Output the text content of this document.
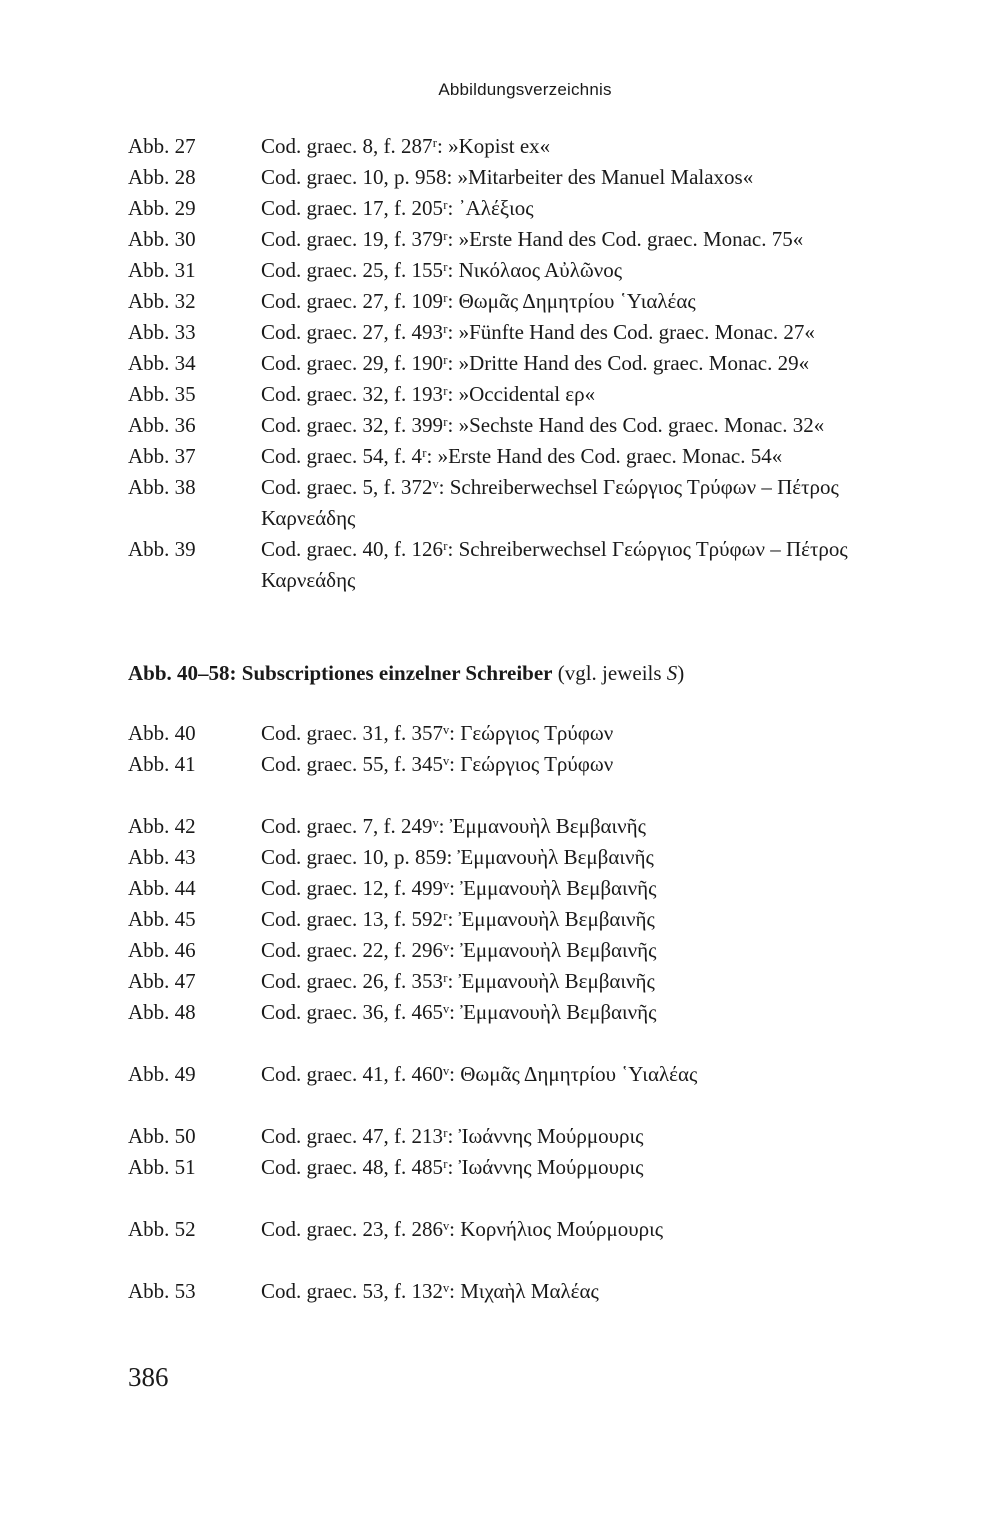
Abbildungsverzeichnis
Abb. 27	Cod. graec. 8, f. 287ʳ: »Kopist ex«
Abb. 28	Cod. graec. 10, p. 958: »Mitarbeiter des Manuel Malaxos«
Abb. 29	Cod. graec. 17, f. 205ʳ: ᾽Αλέξιος
Abb. 30	Cod. graec. 19, f. 379ʳ: »Erste Hand des Cod. graec. Monac. 75«
Abb. 31	Cod. graec. 25, f. 155ʳ: Νικόλαος Αὐλῶνος
Abb. 32	Cod. graec. 27, f. 109ʳ: Θωμᾶς Δημητρίου ῾Υιαλέας
Abb. 33	Cod. graec. 27, f. 493ʳ: »Fünfte Hand des Cod. graec. Monac. 27«
Abb. 34	Cod. graec. 29, f. 190ʳ: »Dritte Hand des Cod. graec. Monac. 29«
Abb. 35	Cod. graec. 32, f. 193ʳ: »Occidental ερ«
Abb. 36	Cod. graec. 32, f. 399ʳ: »Sechste Hand des Cod. graec. Monac. 32«
Abb. 37	Cod. graec. 54, f. 4ʳ: »Erste Hand des Cod. graec. Monac. 54«
Abb. 38	Cod. graec. 5, f. 372ᵛ: Schreiberwechsel Γεώργιος Τρύφων – Πέτρος Καρνεάδης
Abb. 39	Cod. graec. 40, f. 126ʳ: Schreiberwechsel Γεώργιος Τρύφων – Πέτρος Καρνεάδης
Abb. 40–58: Subscriptiones einzelner Schreiber (vgl. jeweils S)
Abb. 40	Cod. graec. 31, f. 357ᵛ: Γεώργιος Τρύφων
Abb. 41	Cod. graec. 55, f. 345ᵛ: Γεώργιος Τρύφων
Abb. 42	Cod. graec. 7, f. 249ᵛ: Ἐμμανουὴλ Βεμβαινῆς
Abb. 43	Cod. graec. 10, p. 859: Ἐμμανουὴλ Βεμβαινῆς
Abb. 44	Cod. graec. 12, f. 499ᵛ: Ἐμμανουὴλ Βεμβαινῆς
Abb. 45	Cod. graec. 13, f. 592ʳ: Ἐμμανουὴλ Βεμβαινῆς
Abb. 46	Cod. graec. 22, f. 296ᵛ: Ἐμμανουὴλ Βεμβαινῆς
Abb. 47	Cod. graec. 26, f. 353ʳ: Ἐμμανουὴλ Βεμβαινῆς
Abb. 48	Cod. graec. 36, f. 465ᵛ: Ἐμμανουὴλ Βεμβαινῆς
Abb. 49	Cod. graec. 41, f. 460ᵛ: Θωμᾶς Δημητρίου ῾Υιαλέας
Abb. 50	Cod. graec. 47, f. 213ʳ: Ἰωάννης Μούρμουρις
Abb. 51	Cod. graec. 48, f. 485ʳ: Ἰωάννης Μούρμουρις
Abb. 52	Cod. graec. 23, f. 286ᵛ: Κορνήλιος Μούρμουρις
Abb. 53	Cod. graec. 53, f. 132ᵛ: Μιχαὴλ Μαλέας
386
